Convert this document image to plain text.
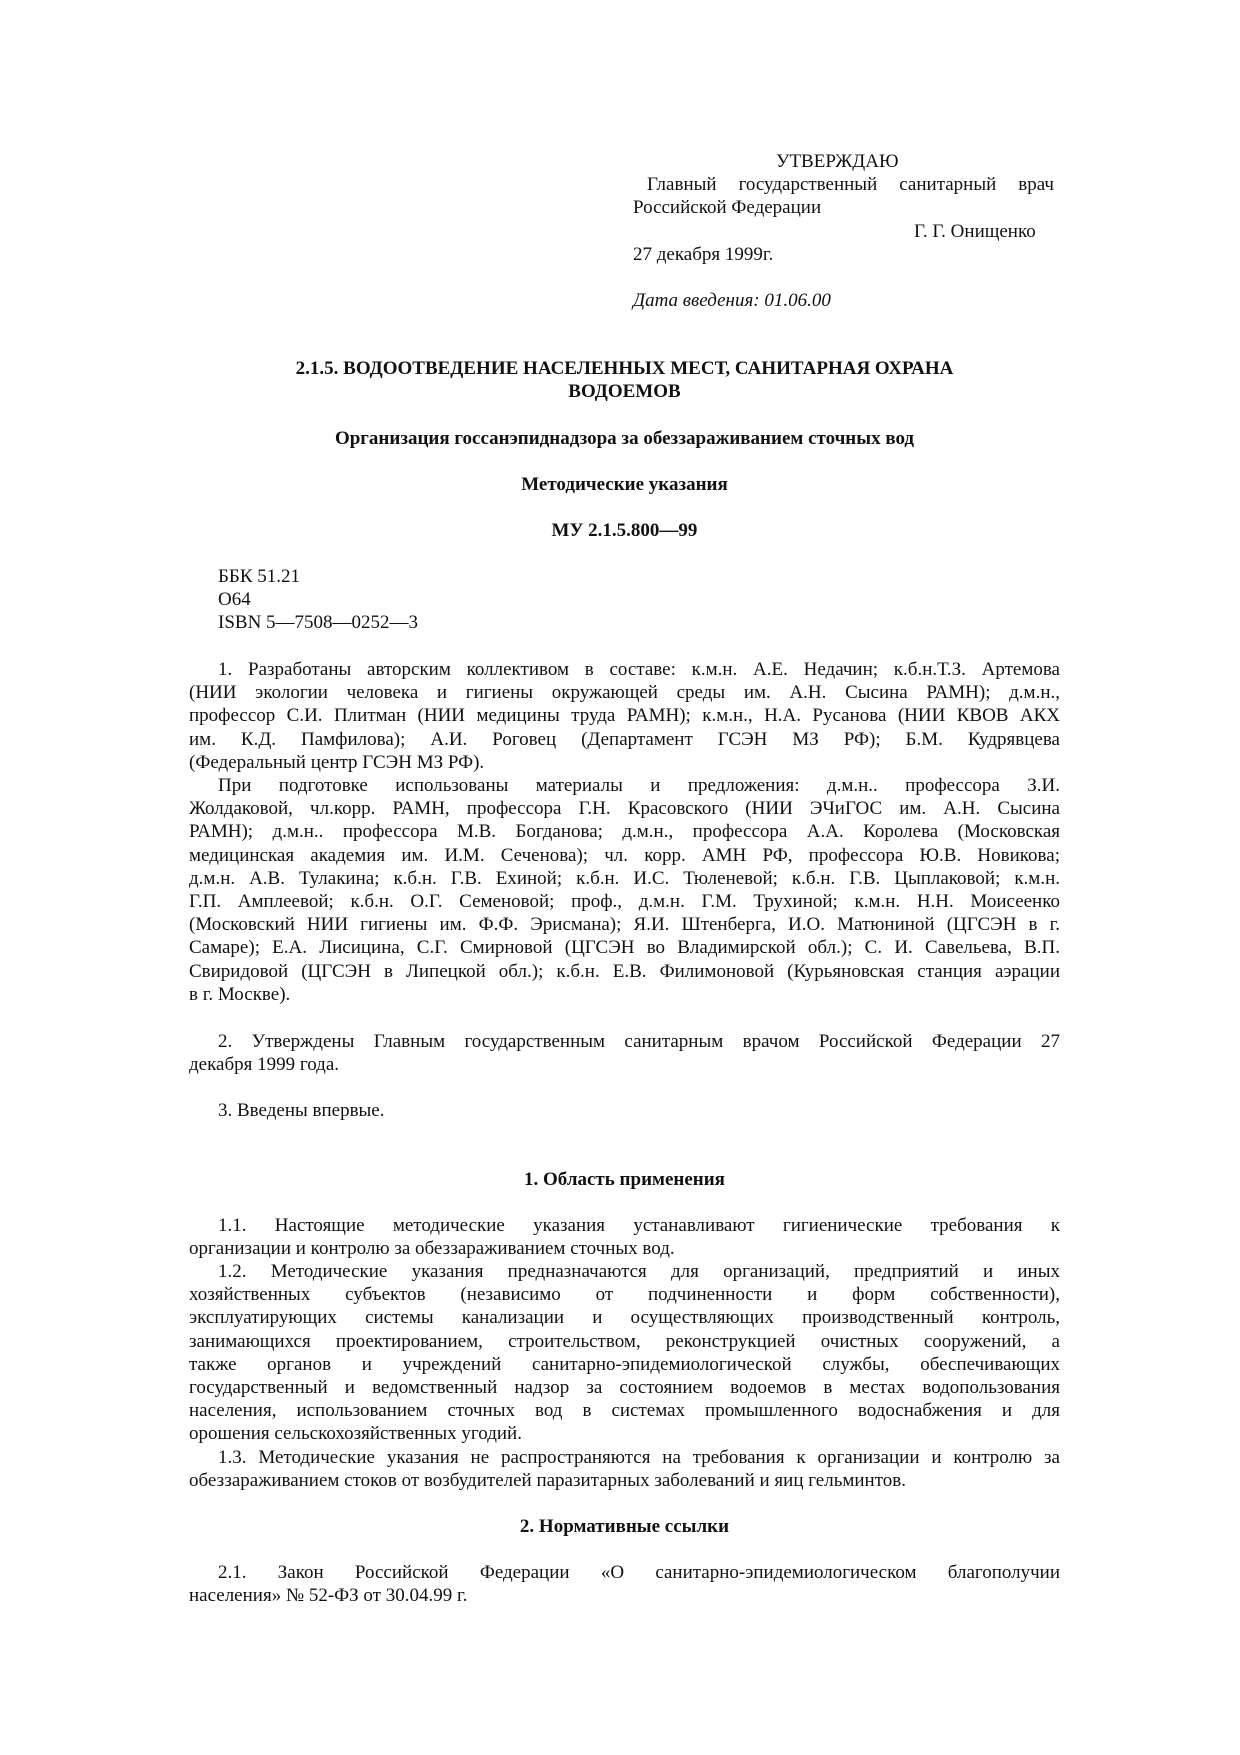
УТВЕРЖДАЮ
Главный государственный санитарный врач
Российской Федерации
Г. Г. Онищенко
27 декабря 1999г.
Дата введения: 01.06.00
2.1.5. ВОДООТВЕДЕНИЕ НАСЕЛЕННЫХ МЕСТ, САНИТАРНАЯ ОХРАНА
ВОДОЕМОВ
Организация госсанэпиднадзора за обеззараживанием сточных вод
Методические указания
МУ 2.1.5.800—99
ББК 51.21
О64
ISBN 5—7508—0252—3
1. Разработаны авторским коллективом в составе: к.м.н. А.Е. Недачин; к.б.н.Т.З. Артемова
(НИИ экологии человека и гигиены окружающей среды им. А.Н. Сысина РАМН); д.м.н.,
профессор С.И. Плитман (НИИ медицины труда РАМН); к.м.н., Н.А. Русанова (НИИ КВОВ АКХ
им. К.Д. Памфилова); А.И. Роговец (Департамент ГСЭН МЗ РФ); Б.М. Кудрявцева
(Федеральный центр ГСЭН МЗ РФ).
При подготовке использованы материалы и предложения: д.м.н.. профессора З.И.
Жолдаковой, чл.корр. РАМН, профессора Г.Н. Красовского (НИИ ЭЧиГОС им. А.Н. Сысина
РАМН); д.м.н.. профессора М.В. Богданова; д.м.н., профессора А.А. Королева (Московская
медицинская академия им. И.М. Сеченова); чл. корр. АМН РФ, профессора Ю.В. Новикова;
д.м.н. А.В. Тулакина; к.б.н. Г.В. Ехиной; к.б.н. И.С. Тюленевой; к.б.н. Г.В. Цыплаковой; к.м.н.
Г.П. Амплеевой; к.б.н. О.Г. Семеновой; проф., д.м.н. Г.М. Трухиной; к.м.н. Н.Н. Моисеенко
(Московский НИИ гигиены им. Ф.Ф. Эрисмана); Я.И. Штенберга, И.О. Матюниной (ЦГСЭН в г.
Самаре); Е.А. Лисицина, С.Г. Смирновой (ЦГСЭН во Владимирской обл.); С. И. Савельева, В.П.
Свиридовой (ЦГСЭН в Липецкой обл.); к.б.н. Е.В. Филимоновой (Курьяновская станция аэрации
в г. Москве).
2. Утверждены Главным государственным санитарным врачом Российской Федерации 27
декабря 1999 года.
3. Введены впервые.
1. Область применения
1.1. Настоящие методические указания устанавливают гигиенические требования к
организации и контролю за обеззараживанием сточных вод.
1.2. Методические указания предназначаются для организаций, предприятий и иных
хозяйственных субъектов (независимо от подчиненности и форм собственности),
эксплуатирующих системы канализации и осуществляющих производственный контроль,
занимающихся проектированием, строительством, реконструкцией очистных сооружений, а
также органов и учреждений санитарно-эпидемиологической службы, обеспечивающих
государственный и ведомственный надзор за состоянием водоемов в местах водопользования
населения, использованием сточных вод в системах промышленного водоснабжения и для
орошения сельскохозяйственных угодий.
1.3. Методические указания не распространяются на требования к организации и контролю за
обеззараживанием стоков от возбудителей паразитарных заболеваний и яиц гельминтов.
2. Нормативные ссылки
2.1. Закон Российской Федерации «О санитарно-эпидемиологическом благополучии
населения» № 52-ФЗ от 30.04.99 г.
